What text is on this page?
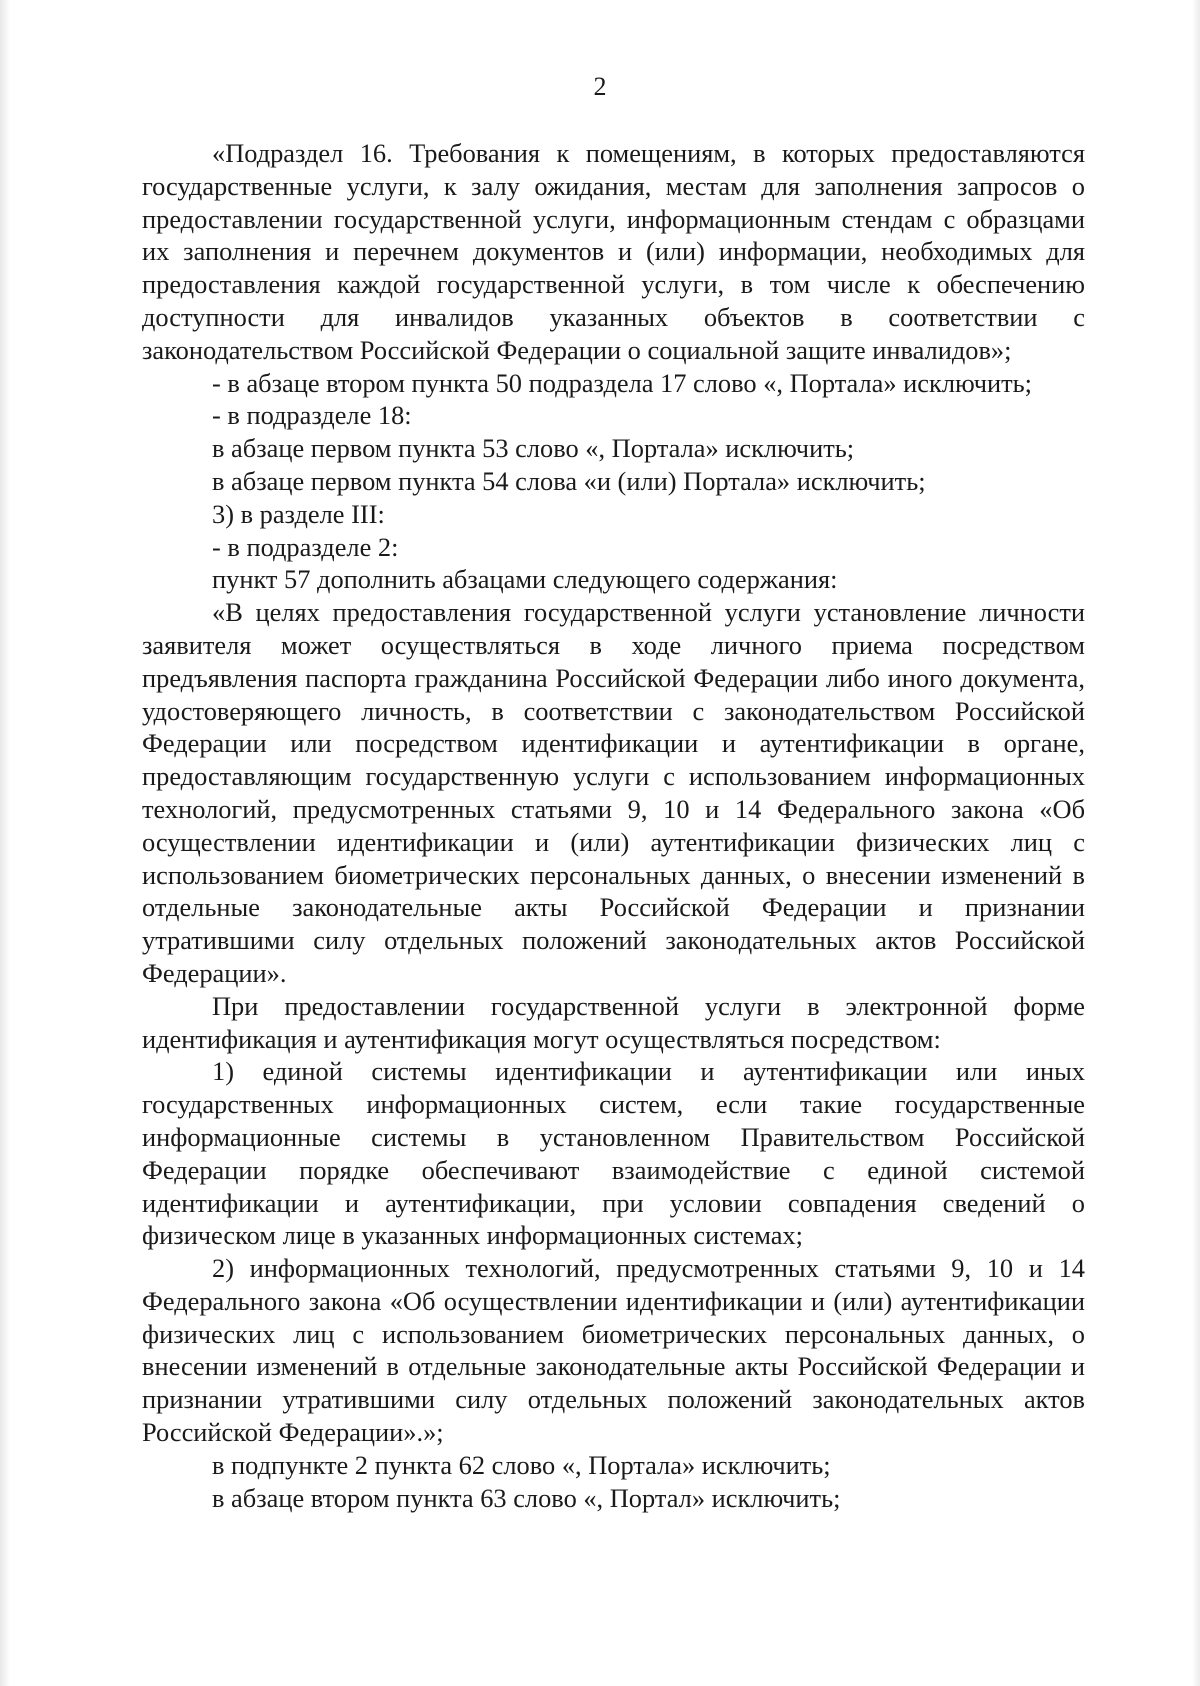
2

«Подраздел 16. Требования к помещениям, в которых предоставляются государственные услуги, к залу ожидания, местам для заполнения запросов о предоставлении государственной услуги, информационным стендам с образцами их заполнения и перечнем документов и (или) информации, необходимых для предоставления каждой государственной услуги, в том числе к обеспечению доступности для инвалидов указанных объектов в соответствии с законодательством Российской Федерации о социальной защите инвалидов»;

- в абзаце втором пункта 50 подраздела 17 слово «, Портала» исключить;

- в подразделе 18:

в абзаце первом пункта 53 слово «, Портала» исключить;

в абзаце первом пункта 54 слова «и (или) Портала» исключить;

3) в разделе III:

- в подразделе 2:

пункт 57 дополнить абзацами следующего содержания:

«В целях предоставления государственной услуги установление личности заявителя может осуществляться в ходе личного приема посредством предъявления паспорта гражданина Российской Федерации либо иного документа, удостоверяющего личность, в соответствии с законодательством Российской Федерации или посредством идентификации и аутентификации в органе, предоставляющим государственную услуги с использованием информационных технологий, предусмотренных статьями 9, 10 и 14 Федерального закона «Об осуществлении идентификации и (или) аутентификации физических лиц с использованием биометрических персональных данных, о внесении изменений в отдельные законодательные акты Российской Федерации и признании утратившими силу отдельных положений законодательных актов Российской Федерации».

При предоставлении государственной услуги в электронной форме идентификация и аутентификация могут осуществляться посредством:

1) единой системы идентификации и аутентификации или иных государственных информационных систем, если такие государственные информационные системы в установленном Правительством Российской Федерации порядке обеспечивают взаимодействие с единой системой идентификации и аутентификации, при условии совпадения сведений о физическом лице в указанных информационных системах;

2) информационных технологий, предусмотренных статьями 9, 10 и 14 Федерального закона «Об осуществлении идентификации и (или) аутентификации физических лиц с использованием биометрических персональных данных, о внесении изменений в отдельные законодательные акты Российской Федерации и признании утратившими силу отдельных положений законодательных актов Российской Федерации».»;

в подпункте 2 пункта 62 слово «, Портала» исключить;

в абзаце втором пункта 63 слово «, Портал» исключить;
